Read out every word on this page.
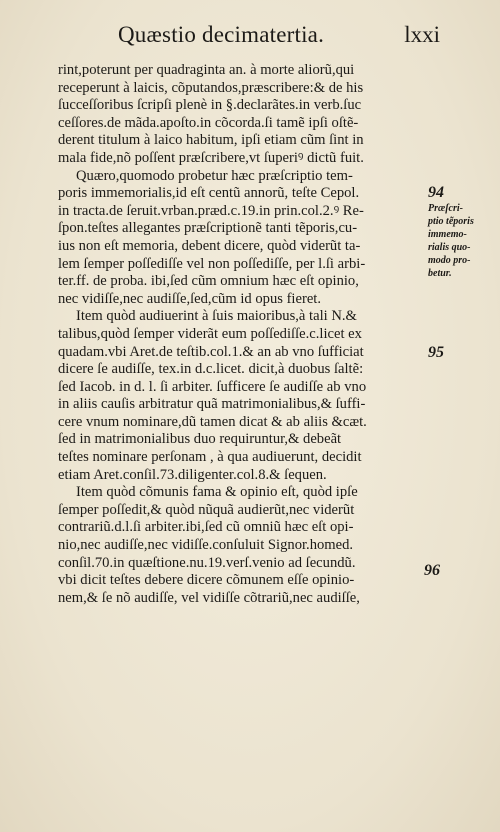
Quæstio decimatertia.	lxxi
rint,poterunt per quadraginta an. à morte aliorũ,qui
receperunt à laicis, cõputandos,præscribere:& de his
ſucceſſoribus ſcripſi plenè in §.declarãtes.in verb.ſuc
ceſſores.de mãda.apoſto.in cõcorda.ſi tamẽ ipſi oſtẽ-
derent titulum à laico habitum, ipſi etiam cũm ſint in
mala fide,nõ poſſent præſcribere,vt ſuperiꝰ dictũ fuit.
Quæro,quomodo probetur hæc præſcriptio tem-
poris immemorialis,id eſt centũ annorũ, teſte Cepol.
in tracta.de ſeruit.vrban.præd.c.19.in prin.col.2.ꝰ Re-
ſpon.teſtes allegantes præſcriptionẽ tanti tẽporis,cu-
ius non eſt memoria, debent dicere, quòd viderũt ta-
lem ſemper poſſediſſe vel non poſſediſſe, per l.ſi arbi-
ter.ff. de proba. ibi,ſed cũm omnium hæc eſt opinio,
nec vidiſſe,nec audiſſe,ſed,cũm id opus fieret.
Item quòd audiuerint à ſuis maioribus,à tali N.&
talibus,quòd ſemper viderãt eum poſſediſſe.c.licet ex
quadam.vbi Aret.de teſtib.col.1.& an ab vno ſufficiat
dicere ſe audiſſe, tex.in d.c.licet. dicit,à duobus ſaltẽ:
ſed Iacob. in d. l. ſi arbiter. ſufficere ſe audiſſe ab vno
in aliis cauſis arbitratur quã matrimonialibus,& ſuffi-
cere vnum nominare,dũ tamen dicat & ab aliis &cæt.
ſed in matrimonialibus duo requiruntur,& debeãt
teſtes nominare perſonam , à qua audiuerunt, decidit
etiam Aret.conſil.73.diligenter.col.8.& ſequen.
Item quòd cõmunis fama & opinio eſt, quòd ipſe
ſemper poſſedit,& quòd nũquã audierũt,nec viderũt
contrariũ.d.l.ſi arbiter.ibi,ſed cũ omniũ hæc eſt opi-
nio,nec audiſſe,nec vidiſſe.conſuluit Signor.homed.
conſil.70.in quæſtione.nu.19.verſ.venio ad ſecundũ.
vbi dicit teſtes debere dicere cõmunem eſſe opinio-
nem,& ſe nõ audiſſe, vel vidiſſe cõtrariũ,nec audiſſe,
94
Præſcri-
ptio tẽporis
immemo-
rialis quo-
modo pro-
betur.
95
96
